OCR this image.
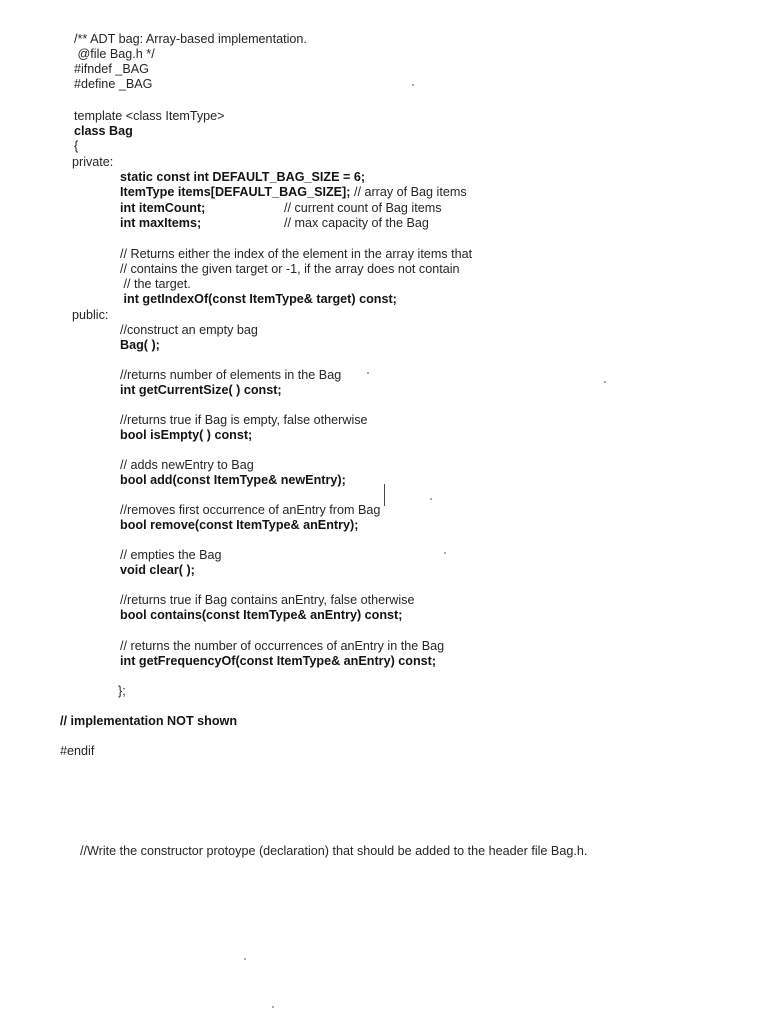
/** ADT bag: Array-based implementation.
@file Bag.h */
#ifndef _BAG
#define _BAG
template <class ItemType>
class Bag
{
private:
static const int DEFAULT_BAG_SIZE = 6;
ItemType items[DEFAULT_BAG_SIZE]; // array of Bag items
int itemCount;	// current count of Bag items
int maxItems;	// max capacity of the Bag
// Returns either the index of the element in the array items that
// contains the given target or -1, if the array does not contain
// the target.
int getIndexOf(const ItemType& target) const;
public:
//construct an empty bag
Bag( );
//returns number of elements in the Bag
int getCurrentSize( ) const;
//returns true if Bag is empty, false otherwise
bool isEmpty( ) const;
// adds newEntry to Bag
bool add(const ItemType& newEntry);
//removes first occurrence of anEntry from Bag
bool remove(const ItemType& anEntry);
// empties the Bag
void clear( );
//returns true if Bag contains anEntry, false otherwise
bool contains(const ItemType& anEntry) const;
// returns the number of occurrences of anEntry in the Bag
int getFrequencyOf(const ItemType& anEntry) const;
};
// implementation NOT shown
#endif
//Write the constructor protoype (declaration) that should be added to the header file Bag.h.
